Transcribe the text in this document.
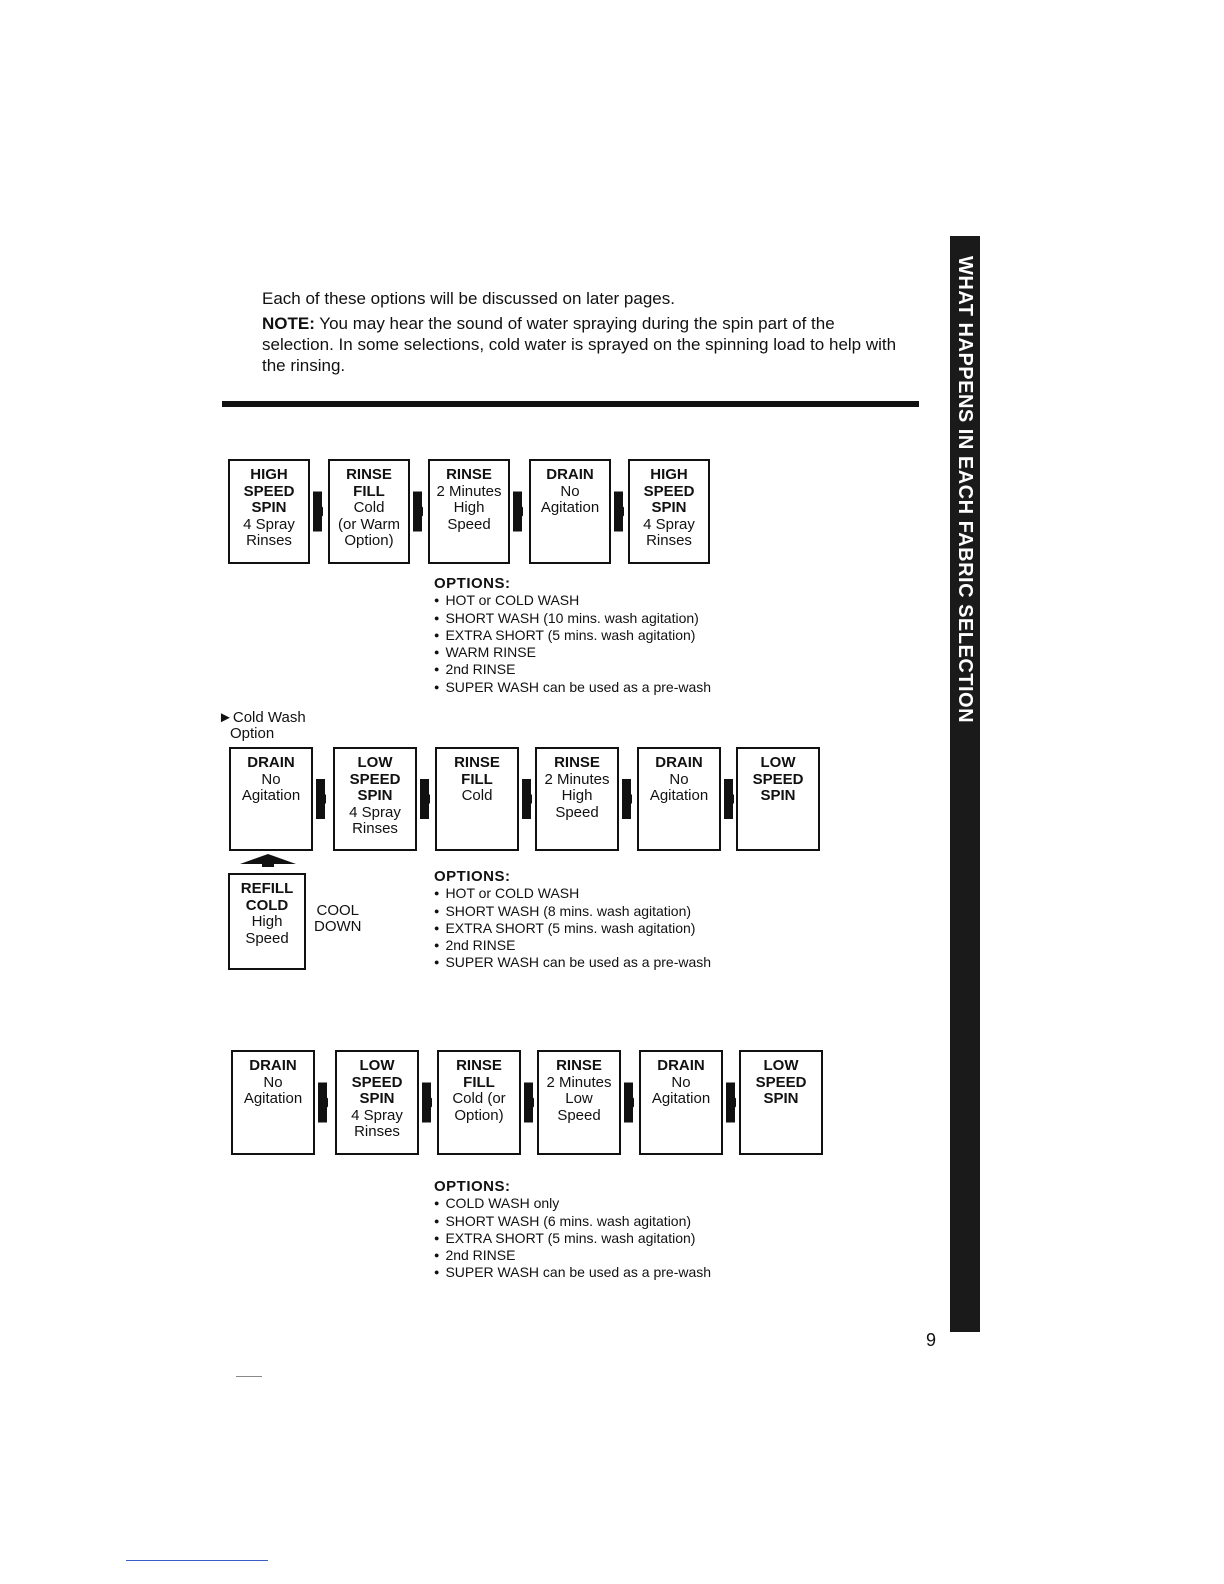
Each of these options will be discussed on later pages.

NOTE: You may hear the sound of water spraying during the spin part of the selection. In some selections, cold water is sprayed on the spinning load to help with the rinsing.	WHAT HAPPENS IN EACH FABRIC SELECTION
9
HIGH
SPEED
SPIN
4 Spray
Rinses
RINSE
FILL
Cold
(or Warm
Option)
RINSE
2 Minutes
High
Speed
DRAIN
No
Agitation
HIGH
SPEED
SPIN
4 Spray
Rinses
OPTIONS:
● HOT or COLD WASH
● SHORT WASH (10 mins. wash agitation)
● EXTRA SHORT (5 mins. wash agitation)
● WARM RINSE
● 2nd RINSE
● SUPER WASH can be used as a pre-wash
►Cold Wash
Option
DRAIN
No
Agitation
LOW
SPEED
SPIN
4 Spray
Rinses
RINSE
FILL
Cold
RINSE
2 Minutes
High
Speed
DRAIN
No
Agitation
LOW
SPEED
SPIN
REFILL
COLD
High
Speed
COOL
DOWN
OPTIONS:
● HOT or COLD WASH
● SHORT WASH (8 mins. wash agitation)
● EXTRA SHORT (5 mins. wash agitation)
● 2nd RINSE
● SUPER WASH can be used as a pre-wash
DRAIN
No
Agitation
LOW
SPEED
SPIN
4 Spray
Rinses
RINSE
FILL
Cold (or
Option)
RINSE
2 Minutes
Low
Speed
DRAIN
No
Agitation
LOW
SPEED
SPIN
OPTIONS:
● COLD WASH only
● SHORT WASH (6 mins. wash agitation)
● EXTRA SHORT (5 mins. wash agitation)
● 2nd RINSE
● SUPER WASH can be used as a pre-wash
